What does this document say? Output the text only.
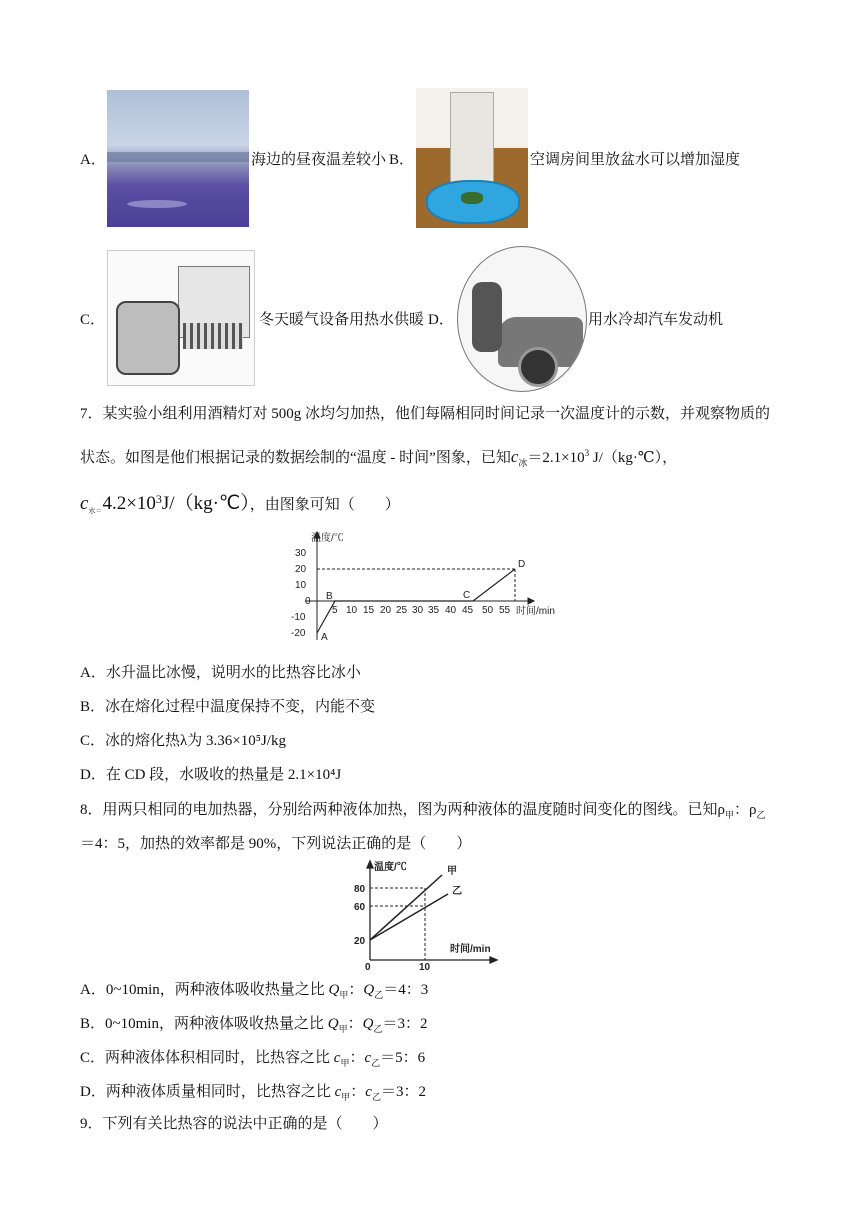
A．	海边的昼夜温差较小 B．	空调房间里放盆水可以增加湿度
C．	冬天暖气设备用热水供暖 D．	用水冷却汽车发动机
7．某实验小组利用酒精灯对 500g 冰均匀加热，他们每隔相同时间记录一次温度计的示数，并观察物质的
状态。如图是他们根据记录的数据绘制的“温度 - 时间”图象，已知$c_冰=2.1\times 10^3$ J/（kg·℃），
$c_{水=}4.2\times 10^3J/(kg\cdot℃)$，由图象可知（　　）
温度/℃
30
20
10
0
-10
-20
5 10 15 20 25 30 35 40 45 50 55 时间/min
A
B	C
D
A．水升温比冰慢，说明水的比热容比冰小
B．冰在熔化过程中温度保持不变，内能不变
C．冰的熔化热λ为 3.36×10⁵J/kg
D．在 CD 段，水吸收的热量是 2.1×10⁴J
8．用两只相同的电加热器，分别给两种液体加热，图为两种液体的温度随时间变化的图线。已知$\rho_甲$：$\rho_乙$
＝4：5，加热的效率都是 90%，下列说法正确的是（　　）
温度/℃
80
60
20
0	10
时间/min
甲
乙
A．0~10min，两种液体吸收热量之比 $Q_甲$：$Q_乙=4$：3
B．0~10min，两种液体吸收热量之比 $Q_甲$：$Q_乙=3$：2
C．两种液体体积相同时，比热容之比 $c_甲$：$c_乙=5$：6
D．两种液体质量相同时，比热容之比 $c_甲$：$c_乙=3$：2
9．下列有关比热容的说法中正确的是（　　）
